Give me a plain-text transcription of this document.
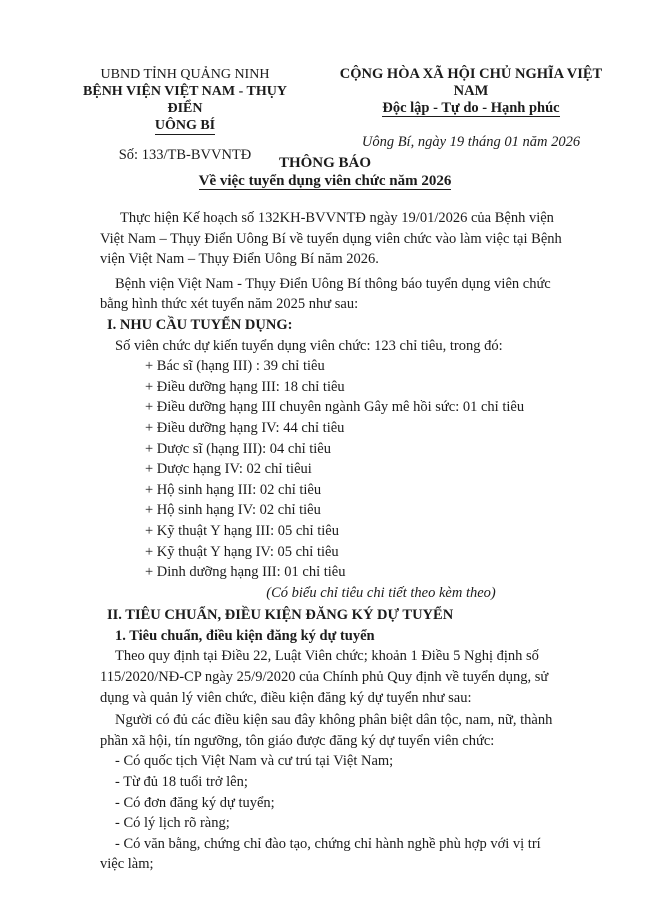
UBND TỈNH QUẢNG NINH
BỆNH VIỆN VIỆT NAM - THỤY ĐIỂN
UÔNG BÍ
Số: 133/TB-BVVNTĐ
CỘNG HÒA XÃ HỘI CHỦ NGHĨA VIỆT NAM
Độc lập - Tự do - Hạnh phúc
Uông Bí, ngày 19 tháng 01 năm 2026
THÔNG BÁO
Về việc tuyển dụng viên chức năm 2026

Thực hiện Kế hoạch số 132KH-BVVNTĐ ngày 19/01/2026 của Bệnh viện

Việt Nam – Thụy Điển Uông Bí về tuyển dụng viên chức vào làm việc tại Bệnh

viện Việt Nam – Thụy Điển Uông Bí năm 2026.

Bệnh viện Việt Nam - Thụy Điển Uông Bí thông báo tuyển dụng viên chức

bằng hình thức xét tuyển năm 2025 như sau:

I. NHU CẦU TUYỂN DỤNG:

Số viên chức dự kiến tuyển dụng viên chức: 123 chỉ tiêu, trong đó:

+ Bác sĩ (hạng III) : 39 chỉ tiêu

+ Điều dưỡng hạng III: 18 chỉ tiêu

+ Điều dưỡng hạng III chuyên ngành Gây mê hồi sức: 01 chỉ tiêu

+ Điều dưỡng hạng IV: 44 chỉ tiêu

+ Dược sĩ (hạng III): 04 chỉ tiêu

+ Dược hạng IV: 02 chỉ tiêui

+ Hộ sinh hạng III: 02 chỉ tiêu

+ Hộ sinh hạng IV: 02 chỉ tiêu

+ Kỹ thuật Y hạng III: 05 chỉ tiêu

+ Kỹ thuật Y hạng IV: 05 chỉ tiêu

+ Dinh dưỡng hạng III: 01 chỉ tiêu

(Có biểu chỉ tiêu chi tiết theo kèm theo)

II. TIÊU CHUẨN, ĐIỀU KIỆN ĐĂNG KÝ DỰ TUYỂN

1. Tiêu chuẩn, điều kiện đăng ký dự tuyển

Theo quy định tại Điều 22, Luật Viên chức; khoản 1 Điều 5 Nghị định số

115/2020/NĐ-CP ngày 25/9/2020 của Chính phủ Quy định về tuyển dụng, sử

dụng và quản lý viên chức, điều kiện đăng ký dự tuyển như sau:

Người có đủ các điều kiện sau đây không phân biệt dân tộc, nam, nữ, thành

phần xã hội, tín ngưỡng, tôn giáo được đăng ký dự tuyển viên chức:

- Có quốc tịch Việt Nam và cư trú tại Việt Nam;

- Từ đủ 18 tuổi trở lên;

- Có đơn đăng ký dự tuyển;

- Có lý lịch rõ ràng;

- Có văn bằng, chứng chỉ đào tạo, chứng chỉ hành nghề phù hợp với vị trí

việc làm;
